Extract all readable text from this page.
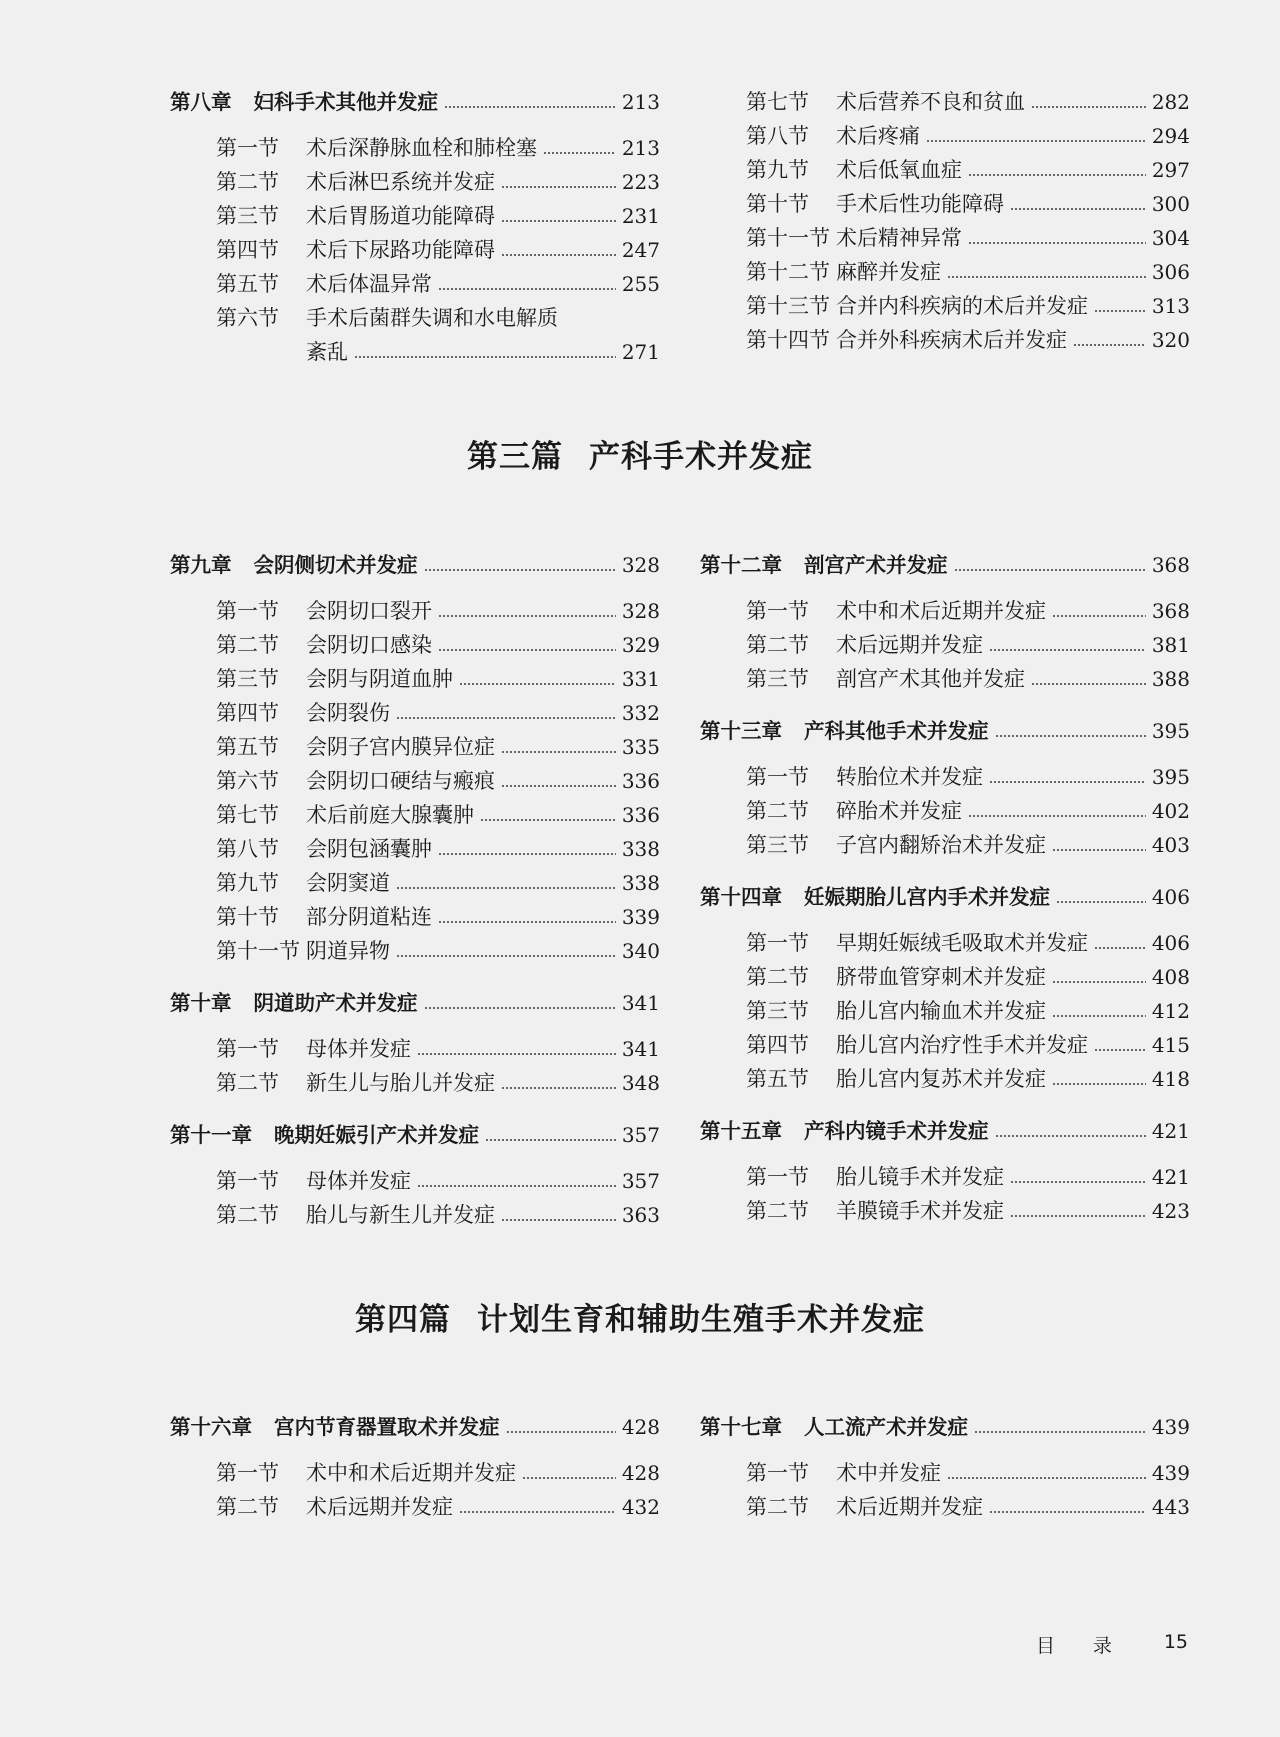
第八章 妇科手术其他并发症	213
第一节	术后深静脉血栓和肺栓塞	213
第二节	术后淋巴系统并发症	223
第三节	术后胃肠道功能障碍	231
第四节	术后下尿路功能障碍	247
第五节	术后体温异常	255
第六节	手术后菌群失调和水电解质
紊乱	271
第七节	术后营养不良和贫血	282
第八节	术后疼痛	294
第九节	术后低氧血症	297
第十节	手术后性功能障碍	300
第十一节 术后精神异常	304
第十二节 麻醉并发症	306
第十三节 合并内科疾病的术后并发症	313
第十四节 合并外科疾病术后并发症	320
第三篇 产科手术并发症
第九章 会阴侧切术并发症	328
第一节	会阴切口裂开	328
第二节	会阴切口感染	329
第三节	会阴与阴道血肿	331
第四节	会阴裂伤	332
第五节	会阴子宫内膜异位症	335
第六节	会阴切口硬结与瘢痕	336
第七节	术后前庭大腺囊肿	336
第八节	会阴包涵囊肿	338
第九节	会阴窦道	338
第十节	部分阴道粘连	339
第十一节 阴道异物	340
第十章 阴道助产术并发症	341
第一节	母体并发症	341
第二节	新生儿与胎儿并发症	348
第十一章 晚期妊娠引产术并发症	357
第一节	母体并发症	357
第二节	胎儿与新生儿并发症	363
第十二章 剖宫产术并发症	368
第一节	术中和术后近期并发症	368
第二节	术后远期并发症	381
第三节	剖宫产术其他并发症	388
第十三章 产科其他手术并发症	395
第一节	转胎位术并发症	395
第二节	碎胎术并发症	402
第三节	子宫内翻矫治术并发症	403
第十四章 妊娠期胎儿宫内手术并发症	406
第一节	早期妊娠绒毛吸取术并发症	406
第二节	脐带血管穿刺术并发症	408
第三节	胎儿宫内输血术并发症	412
第四节	胎儿宫内治疗性手术并发症	415
第五节	胎儿宫内复苏术并发症	418
第十五章 产科内镜手术并发症	421
第一节	胎儿镜手术并发症	421
第二节	羊膜镜手术并发症	423
第四篇 计划生育和辅助生殖手术并发症
第十六章 宫内节育器置取术并发症	428
第一节	术中和术后近期并发症	428
第二节	术后远期并发症	432
第十七章 人工流产术并发症	439
第一节	术中并发症	439
第二节	术后近期并发症	443
目 录	15
